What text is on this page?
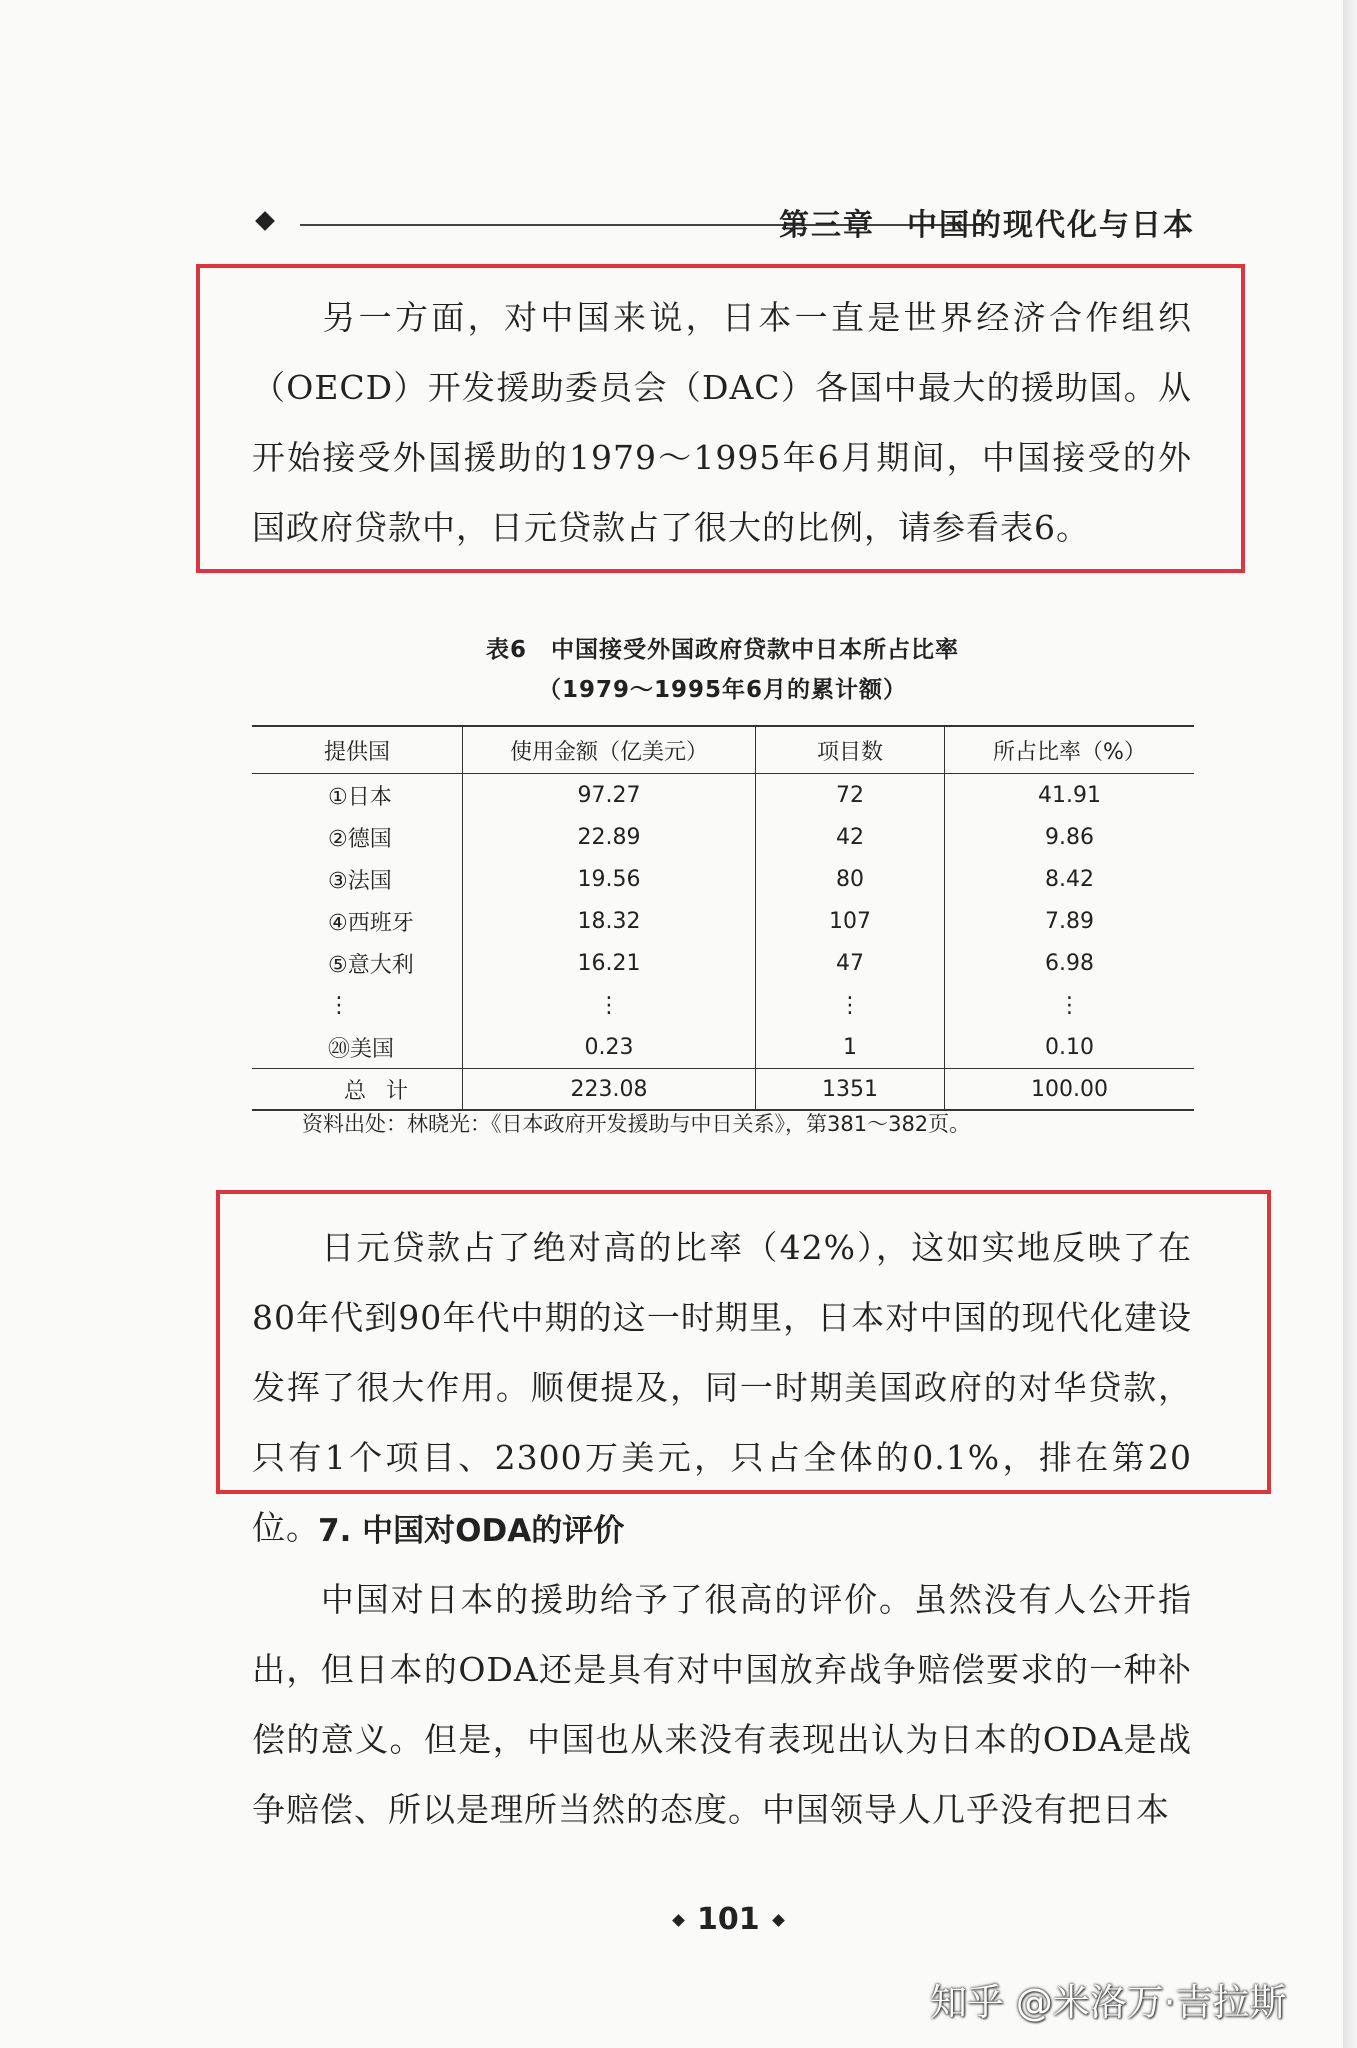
第三章　中国的现代化与日本
另一方面，对中国来说，日本一直是世界经济合作组织（OECD）开发援助委员会（DAC）各国中最大的援助国。从开始接受外国援助的1979～1995年6月期间，中国接受的外国政府贷款中，日元贷款占了很大的比例，请参看表6。
表6　中国接受外国政府贷款中日本所占比率
（1979～1995年6月的累计额）
提供国	使用金额（亿美元）	项目数	所占比率（%）
①日本	97.27	72	41.91
②德国	22.89	42	9.86
③法国	19.56	80	8.42
④西班牙	18.32	107	7.89
⑤意大利	16.21	47	6.98
⋮	⋮	⋮	⋮
⑳美国	0.23	1	0.10
总计	223.08	1351	100.00
资料出处：林晓光：《日本政府开发援助与中日关系》，第381～382页。
日元贷款占了绝对高的比率（42%），这如实地反映了在80年代到90年代中期的这一时期里，日本对中国的现代化建设发挥了很大作用。顺便提及，同一时期美国政府的对华贷款，只有1个项目、2300万美元，只占全体的0.1%，排在第20位。
7. 中国对ODA的评价
中国对日本的援助给予了很高的评价。虽然没有人公开指出，但日本的ODA还是具有对中国放弃战争赔偿要求的一种补偿的意义。但是，中国也从来没有表现出认为日本的ODA是战争赔偿、所以是理所当然的态度。中国领导人几乎没有把日本
101
知乎 @米洛万·吉拉斯
